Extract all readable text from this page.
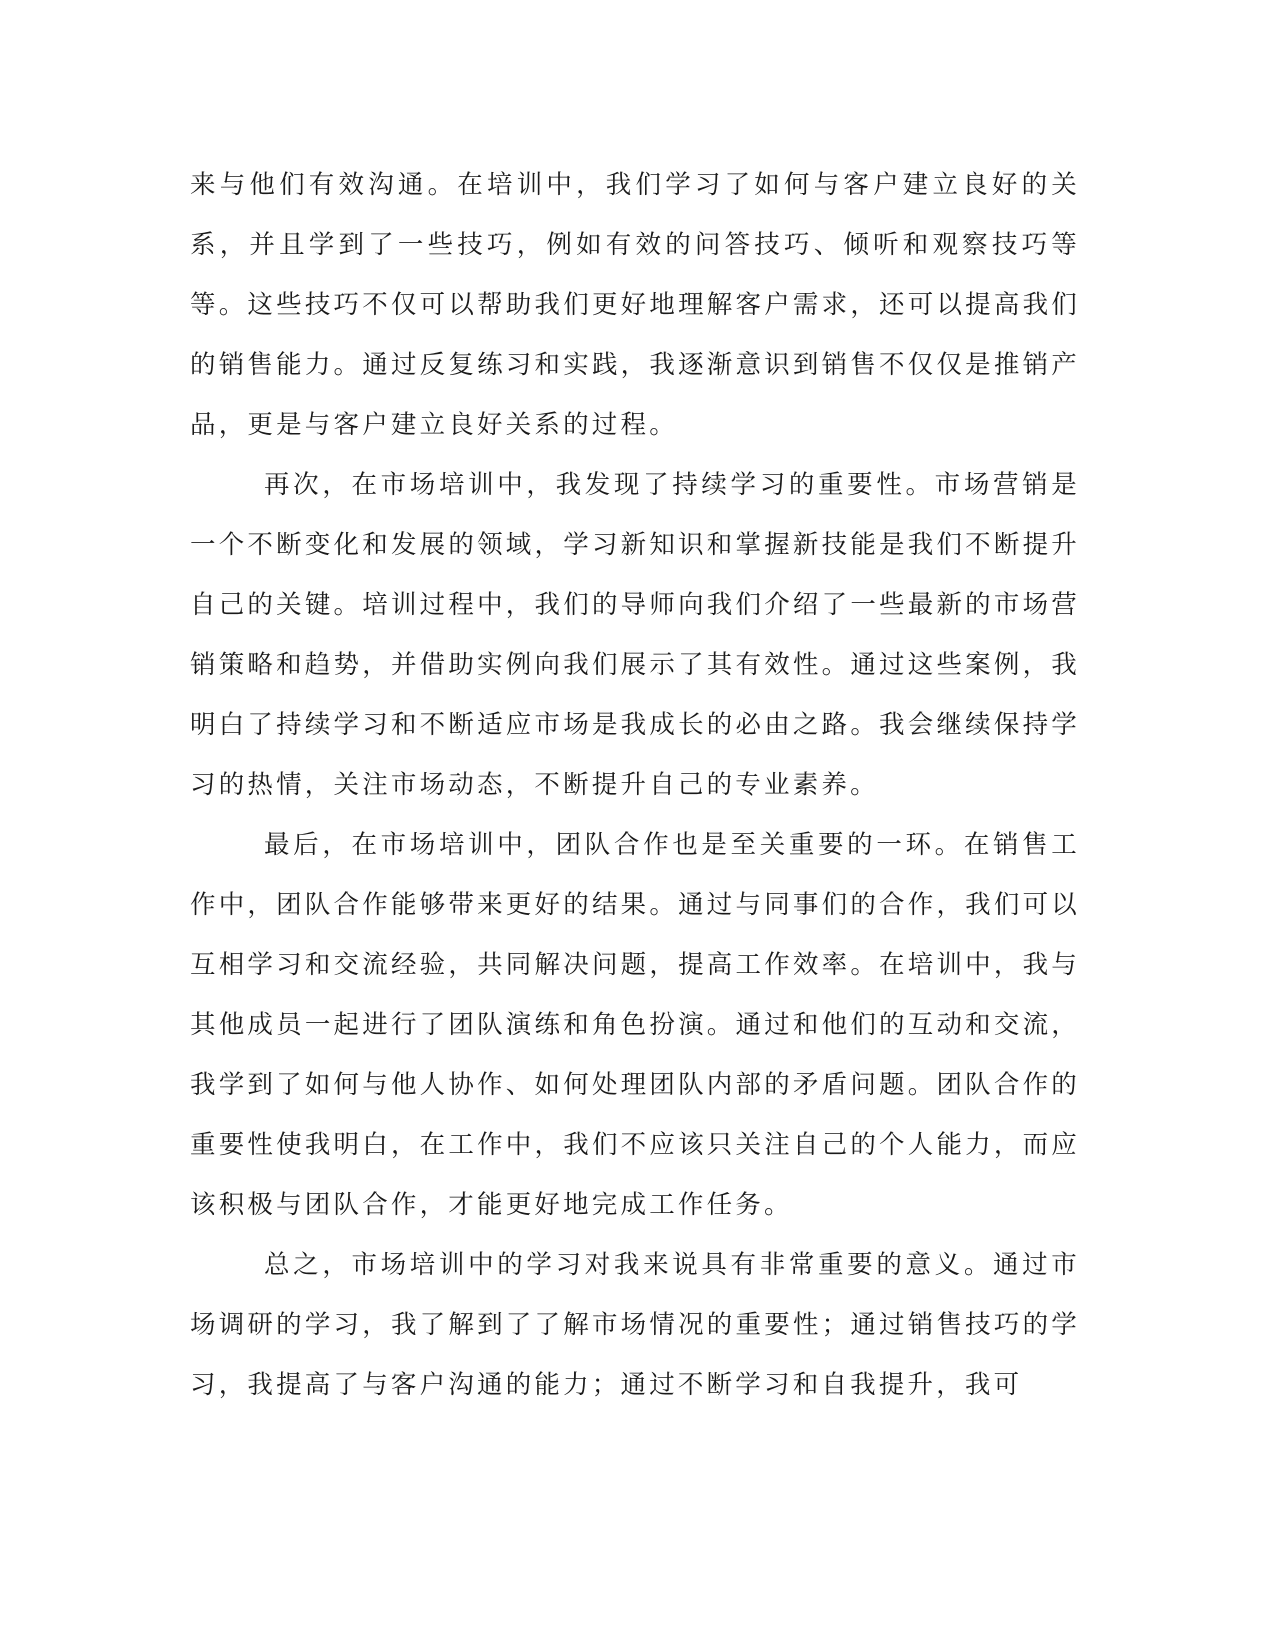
来与他们有效沟通。在培训中，我们学习了如何与客户建立良好的关系，并且学到了一些技巧，例如有效的问答技巧、倾听和观察技巧等等。这些技巧不仅可以帮助我们更好地理解客户需求，还可以提高我们的销售能力。通过反复练习和实践，我逐渐意识到销售不仅仅是推销产品，更是与客户建立良好关系的过程。

再次，在市场培训中，我发现了持续学习的重要性。市场营销是一个不断变化和发展的领域，学习新知识和掌握新技能是我们不断提升自己的关键。培训过程中，我们的导师向我们介绍了一些最新的市场营销策略和趋势，并借助实例向我们展示了其有效性。通过这些案例，我明白了持续学习和不断适应市场是我成长的必由之路。我会继续保持学习的热情，关注市场动态，不断提升自己的专业素养。

最后，在市场培训中，团队合作也是至关重要的一环。在销售工作中，团队合作能够带来更好的结果。通过与同事们的合作，我们可以互相学习和交流经验，共同解决问题，提高工作效率。在培训中，我与其他成员一起进行了团队演练和角色扮演。通过和他们的互动和交流，我学到了如何与他人协作、如何处理团队内部的矛盾问题。团队合作的重要性使我明白，在工作中，我们不应该只关注自己的个人能力，而应该积极与团队合作，才能更好地完成工作任务。

总之，市场培训中的学习对我来说具有非常重要的意义。通过市场调研的学习，我了解到了了解市场情况的重要性；通过销售技巧的学习，我提高了与客户沟通的能力；通过不断学习和自我提升，我可
